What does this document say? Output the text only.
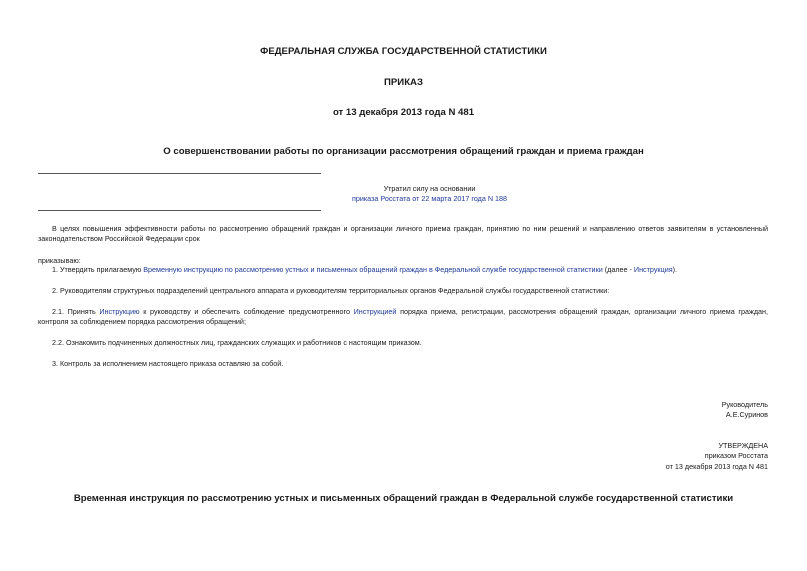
ФЕДЕРАЛЬНАЯ СЛУЖБА ГОСУДАРСТВЕННОЙ СТАТИСТИКИ
ПРИКАЗ
от 13 декабря 2013 года N 481
О совершенствовании работы по организации рассмотрения обращений граждан и приема граждан
Утратил силу на основании
приказа Росстата от 22 марта 2017 года N 188
В целях повышения эффективности работы по рассмотрению обращений граждан и организации личного приема граждан, принятию по ним решений и направлению ответов заявителям в установленный законодательством Российской Федерации срок
приказываю:
1. Утвердить прилагаемую Временную инструкцию по рассмотрению устных и письменных обращений граждан в Федеральной службе государственной статистики (далее - Инструкция).
2. Руководителям структурных подразделений центрального аппарата и руководителям территориальных органов Федеральной службы государственной статистики:
2.1. Принять Инструкцию к руководству и обеспечить соблюдение предусмотренного Инструкцией порядка приема, регистрации, рассмотрения обращений граждан, организации личного приема граждан, контроля за соблюдением порядка рассмотрения обращений;
2.2. Ознакомить подчиненных должностных лиц, гражданских служащих и работников с настоящим приказом.
3. Контроль за исполнением настоящего приказа оставляю за собой.
Руководитель
А.Е.Суринов
УТВЕРЖДЕНА
приказом Росстата
от 13 декабря 2013 года N 481
Временная инструкция по рассмотрению устных и письменных обращений граждан в Федеральной службе государственной статистики
